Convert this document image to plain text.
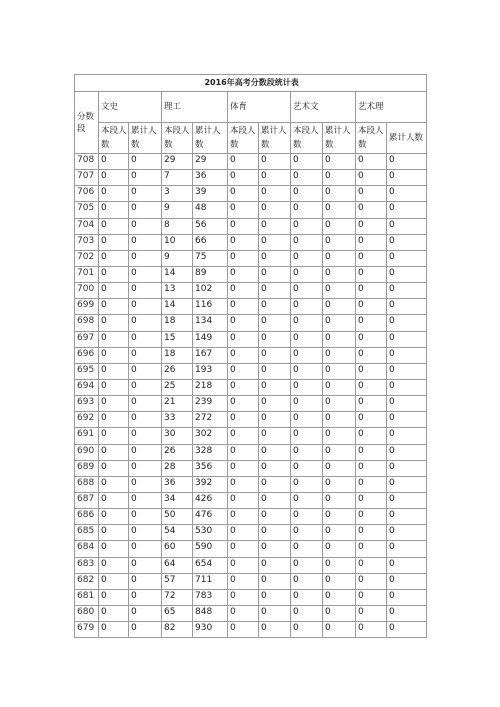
2016年高考分数段统计表										
分数段	文史		理工		体育		艺术文		艺术理	
	本段人数	累计人数	本段人数	累计人数	本段人数	累计人数	本段人数	累计人数	本段人数	累计人数
708	0	0	29	29	0	0	0	0	0	0
707	0	0	7	36	0	0	0	0	0	0
706	0	0	3	39	0	0	0	0	0	0
705	0	0	9	48	0	0	0	0	0	0
704	0	0	8	56	0	0	0	0	0	0
703	0	0	10	66	0	0	0	0	0	0
702	0	0	9	75	0	0	0	0	0	0
701	0	0	14	89	0	0	0	0	0	0
700	0	0	13	102	0	0	0	0	0	0
699	0	0	14	116	0	0	0	0	0	0
698	0	0	18	134	0	0	0	0	0	0
697	0	0	15	149	0	0	0	0	0	0
696	0	0	18	167	0	0	0	0	0	0
695	0	0	26	193	0	0	0	0	0	0
694	0	0	25	218	0	0	0	0	0	0
693	0	0	21	239	0	0	0	0	0	0
692	0	0	33	272	0	0	0	0	0	0
691	0	0	30	302	0	0	0	0	0	0
690	0	0	26	328	0	0	0	0	0	0
689	0	0	28	356	0	0	0	0	0	0
688	0	0	36	392	0	0	0	0	0	0
687	0	0	34	426	0	0	0	0	0	0
686	0	0	50	476	0	0	0	0	0	0
685	0	0	54	530	0	0	0	0	0	0
684	0	0	60	590	0	0	0	0	0	0
683	0	0	64	654	0	0	0	0	0	0
682	0	0	57	711	0	0	0	0	0	0
681	0	0	72	783	0	0	0	0	0	0
680	0	0	65	848	0	0	0	0	0	0
679	0	0	82	930	0	0	0	0	0	0
